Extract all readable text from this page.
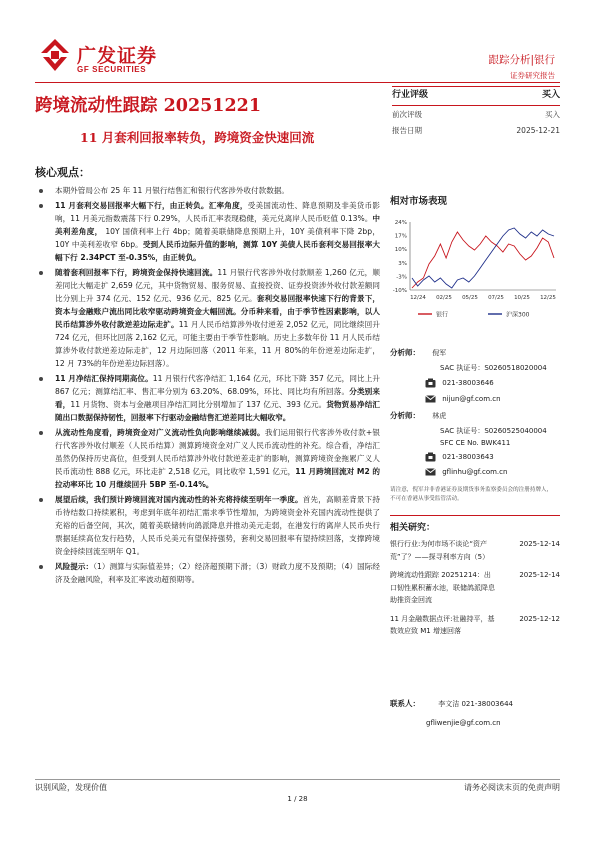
广发证券
GF SECURITIES
跟踪分析|银行
证券研究报告
跨境流动性跟踪 20251221
11 月套利回报率转负，跨境资金快速回流
行业评级	买入
前次评级	买入
报告日期	2025-12-21
核心观点：
本期外管局公布 25 年 11 月银行结售汇和银行代客涉外收付款数据。
11 月套利交易回报率大幅下行，由正转负。汇率角度，受美国流动性、降息预期及非美货币影响，11 月美元指数震荡下行 0.29%，人民币汇率表现稳健，美元兑离岸人民币贬值 0.13%。中美利差角度， 10Y 国债利率上行 4bp；随着美联储降息预期上升，10Y 美债利率下降 2bp，10Y 中美利差收窄 6bp。受到人民币边际升值的影响，测算 10Y 美债人民币套利交易回报率大幅下行 2.34PCT 至-0.35%，由正转负。
随着套利回报率下行，跨境资金保持快速回流。11 月银行代客涉外收付款顺差 1,260 亿元，顺差同比大幅走扩 2,659 亿元，其中货物贸易、服务贸易、直接投资、证券投资涉外收付款差额同比分别上升 374 亿元、152 亿元、936 亿元、825 亿元。套利交易回报率快速下行的背景下，资本与金融账户流出同比收窄驱动跨境资金大幅回流。分币种来看，由于季节性因素影响，以人民币结算涉外收付款逆差边际走扩。11 月人民币结算涉外收付逆差 2,052 亿元，同比继续回升 724 亿元，但环比回落 2,162 亿元，可能主要由于季节性影响。历史上多数年份 11 月人民币结算涉外收付款逆差边际走扩，12 月边际回落（2011 年来，11 月 80%的年份逆差边际走扩，12 月 73%的年份逆差边际回落）。
11 月净结汇保持同期高位。11 月银行代客净结汇 1,164 亿元，环比下降 357 亿元，同比上升 867 亿元；测算结汇率、售汇率分别为 63.20%、68.09%，环比、同比均有所回落。分类别来看，11 月货物、资本与金融项目净结汇同比分别增加了 137 亿元、393 亿元。货物贸易净结汇随出口数据保持韧性，回报率下行驱动金融结售汇逆差同比大幅收窄。
从流动性角度看，跨境资金对广义流动性负向影响继续减弱。我们运用银行代客涉外收付款+银行代客涉外收付顺差（人民币结算）测算跨境资金对广义人民币流动性的补充。综合看，净结汇虽然仍保持历史高位，但受到人民币结算涉外收付款逆差走扩的影响，测算跨境资金拖累广义人民币流动性 888 亿元，环比走扩 2,518 亿元，同比收窄 1,591 亿元，11 月跨境回流对 M2 的拉动率环比 10 月继续回升 5BP 至-0.14%。
展望后续，我们预计跨境回流对国内流动性的补充将持续至明年一季度。首先，高顺差背景下持币待结数口持续累积，考虑到年底年初结汇需求季节性增加，为跨境资金补充国内流动性提供了充裕的后备空间，其次，随着美联储转向鸽派降息并推动美元走弱，在港发行的离岸人民币央行票据延续高位发行趋势，人民币兑美元有望保持强势，套利交易回报率有望持续回落，支撑跨境资金持续回流至明年 Q1。
风险提示：（1）测算与实际值差异；（2）经济超预期下滑；（3）财政力度不及预期；（4）国际经济及金融风险，利率及汇率波动超预期等。
相对市场表现
24%
17%
10%
3%
-3%
-10%
12/24 02/25 05/25 07/25 10/25 12/25
银行	沪深300
分析师： 倪军
SAC 执证号：S0260518020004
021-38003646
nijun@gf.com.cn
分析师： 林虎
SAC 执证号：S0260525040004
SFC CE No. BWK411
021-38003643
gflinhu@gf.com.cn
请注意，倪军并非香港证券及期货事务监察委员会的注册持牌人，不可在香港从事受监管活动。
相关研究：
银行行业:为何市场不谈论“资产荒”了？——探寻利率方向（5）
2025-12-14
跨境流动性跟踪 20251214：出口韧性累积蓄水池，联储鸽派降息助推资金回流
2025-12-14
11 月金融数据点评:社融持平，基数效应致 M1 增速回落
2025-12-12
联系人：	李文洁 021-38003644
gfliwenjie@gf.com.cn
识别风险，发现价值	请务必阅读末页的免责声明
1 / 28
